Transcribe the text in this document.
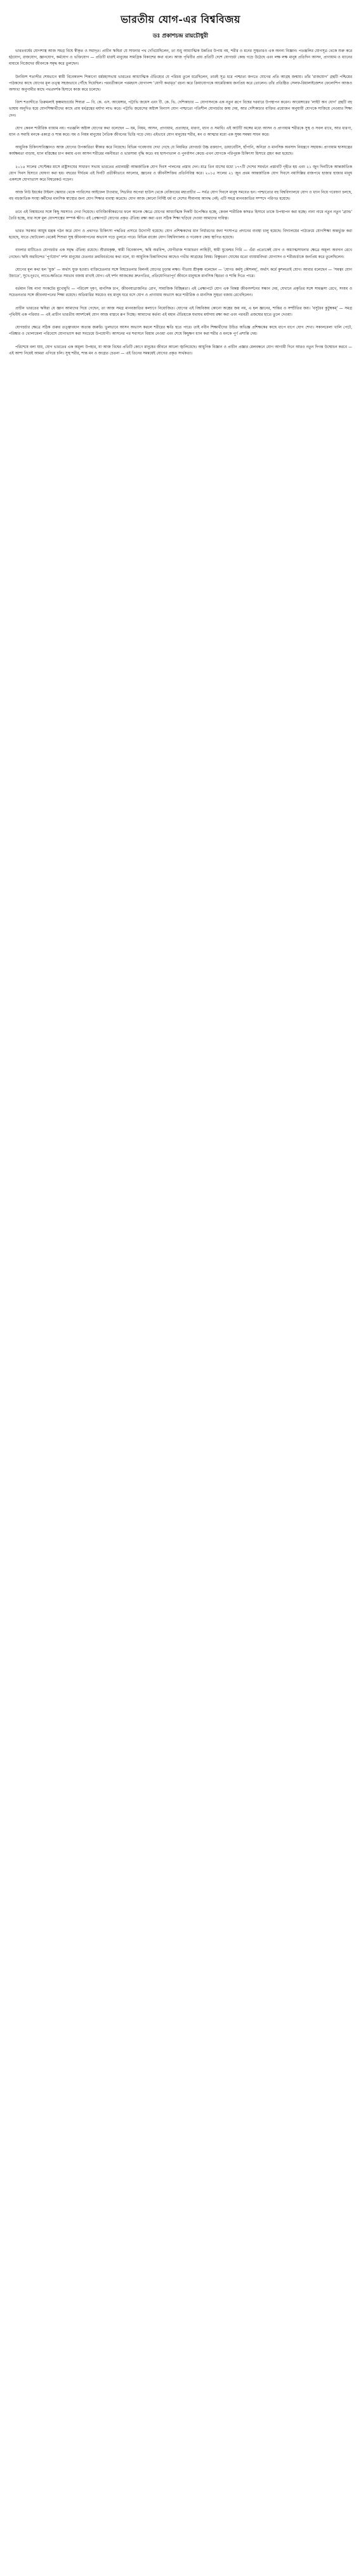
ভারতীয় যোগ-এর বিশ্ববিজয়
ডঃ প্রকাশচন্দ্র রায়চৌধুরী

ভারতবর্ষের যোগশাস্ত্র আজ সমগ্র বিশ্বে স্বীকৃত ও সমাদৃত। প্রাচীন ঋষিরা যে সাধনার পথ দেখিয়েছিলেন, তা শুধু আধ্যাত্মিক উন্নতির উপায় নয়, শরীর ও মনের সুস্থতারও এক অনন্য বিজ্ঞান। পতঞ্জলির যোগসূত্র থেকে শুরু করে হঠযোগ, রাজযোগ, জ্ঞানযোগ, কর্মযোগ ও ভক্তিযোগ — প্রতিটি ধারাই মানুষের সামগ্রিক বিকাশের কথা বলে। আজ পৃথিবীর প্রায় প্রতিটি দেশে যোগচর্চা কেন্দ্র গড়ে উঠেছে এবং লক্ষ লক্ষ মানুষ প্রতিদিন আসন, প্রাণায়াম ও ধ্যানের মাধ্যমে নিজেদের জীবনকে সমৃদ্ধ করে তুলছেন।

উনবিংশ শতাব্দীর শেষভাগে স্বামী বিবেকানন্দ শিকাগো ধর্মমহাসভায় ভারতের আধ্যাত্মিক ঐতিহ্যের যে পরিচয় তুলে ধরেছিলেন, তারই সূত্র ধরে পাশ্চাত্য জগতে যোগের প্রতি আগ্রহ জন্মায়। তাঁর 'রাজযোগ' গ্রন্থটি পশ্চিমের পাঠকদের কাছে যোগের মূল তত্ত্ব সহজভাবে পৌঁছে দিয়েছিল। পরবর্তীকালে পরমহংস যোগানন্দ 'যোগী কথামৃত' রচনা করে ক্রিয়াযোগকে আমেরিকায় জনপ্রিয় করে তোলেন। তাঁর প্রতিষ্ঠিত সেলফ-রিয়ালাইজেশন ফেলোশিপ আজও অসংখ্য অনুগামীর কাছে পথপ্রদর্শক হিসাবে কাজ করে চলেছে।

বিংশ শতাব্দীতে তিরুমলাই কৃষ্ণমাচার্যের শিষ্যরা — বি. কে. এস. আয়েঙ্গার, পট্টাভি জয়েস এবং টি. কে. ভি. দেশিকাচার — যোগাসনকে এক নতুন রূপে বিশ্বের দরবারে উপস্থাপন করেন। আয়েঙ্গারের 'লাইট অন যোগ' গ্রন্থটি বহু ভাষায় অনূদিত হয়ে যোগশিক্ষার্থীদের কাছে প্রায় ধর্মগ্রন্থের মর্যাদা লাভ করে। পট্টাভি জয়েসের অষ্টাঙ্গ বিন্যাস যোগ পাশ্চাত্যে গতিশীল যোগচর্চার জন্ম দেয়, আর দেশিকাচার ব্যক্তির প্রয়োজন অনুযায়ী যোগকে সাজিয়ে নেওয়ার শিক্ষা দেন।

যোগ কেবল শারীরিক ব্যায়াম নয়। পতঞ্জলি অষ্টাঙ্গ যোগের কথা বলেছেন — যম, নিয়ম, আসন, প্রাণায়াম, প্রত্যাহার, ধারণা, ধ্যান ও সমাধি। এই আটটি অঙ্গের মধ্যে আসন ও প্রাণায়াম শরীরকে সুস্থ ও সবল রাখে, আর ধারণা, ধ্যান ও সমাধি মনকে একাগ্র ও শান্ত করে। যম ও নিয়ম মানুষের নৈতিক জীবনের ভিত্তি গড়ে দেয়। এইভাবে যোগ মানুষের শরীর, মন ও আত্মার মধ্যে এক সুষম সমন্বয় সাধন করে।

আধুনিক চিকিৎসাবিজ্ঞানও আজ যোগের উপকারিতা স্বীকার করে নিয়েছে। বিভিন্ন গবেষণায় দেখা গেছে যে নিয়মিত যোগচর্চা উচ্চ রক্তচাপ, ডায়াবেটিস, হাঁপানি, অনিদ্রা ও মানসিক অবসাদ নিয়ন্ত্রণে সহায়ক। প্রাণায়াম শ্বাসযন্ত্রের কার্যক্ষমতা বাড়ায়, ধ্যান মস্তিষ্কের চাপ কমায় এবং আসন শরীরের নমনীয়তা ও ভারসাম্য বৃদ্ধি করে। বহু হাসপাতাল ও পুনর্বাসন কেন্দ্রে এখন যোগকে পরিপূরক চিকিৎসা হিসাবে গ্রহণ করা হয়েছে।

২০১৪ সালের সেপ্টেম্বর মাসে রাষ্ট্রসংঘের সাধারণ সভায় ভারতের প্রধানমন্ত্রী আন্তর্জাতিক যোগ দিবস পালনের প্রস্তাব দেন। মাত্র তিন মাসের মধ্যে ১৭৭টি দেশের সমর্থনে প্রস্তাবটি গৃহীত হয় এবং ২১ জুন দিনটিকে আন্তর্জাতিক যোগ দিবস হিসাবে ঘোষণা করা হয়। বছরের দীর্ঘতম এই দিনটি প্রতীকীভাবে আলোর, জ্ঞানের ও জীবনীশক্তির প্রতিনিধিত্ব করে। ২০১৫ সালের ২১ জুন প্রথম আন্তর্জাতিক যোগ দিবসে নয়াদিল্লির রাজপথে হাজার হাজার মানুষ একসঙ্গে যোগাভ্যাস করে বিশ্বরেকর্ড গড়েন।

আজ নিউ ইয়র্কের টাইমস স্কোয়ার থেকে প্যারিসের আইফেল টাওয়ার, সিডনির অপেরা হাউস থেকে বেজিংয়ের মহাপ্রাচীর — সর্বত্র যোগ দিবসে মানুষ সমবেত হন। পাশ্চাত্যের বহু বিশ্ববিদ্যালয়ে যোগ ও ধ্যান নিয়ে গবেষণা চলছে, বহু বহুজাতিক সংস্থা কর্মীদের মানসিক স্বাস্থ্যের জন্য যোগ শিক্ষার ব্যবস্থা করেছে। যোগ আজ কোনো নির্দিষ্ট ধর্ম বা দেশের সীমানায় আবদ্ধ নেই; এটি সমগ্র মানবজাতির সম্পদে পরিণত হয়েছে।

তবে এই বিশ্বায়নের সঙ্গে কিছু সমস্যাও দেখা দিয়েছে। বাণিজ্যিকীকরণের ফলে অনেক ক্ষেত্রে যোগের আধ্যাত্মিক দিকটি উপেক্ষিত হচ্ছে, কেবল শারীরিক কসরত হিসাবে তাকে উপস্থাপন করা হচ্ছে। নানা নামে নতুন নতুন 'ব্র্যান্ড' তৈরি হচ্ছে, যার সঙ্গে মূল যোগশাস্ত্রের সম্পর্ক ক্ষীণ। এই প্রেক্ষাপটে যোগের প্রকৃত ঐতিহ্য রক্ষা করা এবং সঠিক শিক্ষা ছড়িয়ে দেওয়া আমাদের দায়িত্ব।

ভারত সরকার আয়ুষ মন্ত্রক গঠন করে যোগ ও প্রথাগত চিকিৎসা পদ্ধতির প্রসারে উদ্যোগী হয়েছে। যোগ প্রশিক্ষকদের মান নির্ধারণের জন্য শংসাপত্র প্রদানের ব্যবস্থা চালু হয়েছে। বিদ্যালয়ের পাঠ্যক্রমে যোগশিক্ষা অন্তর্ভুক্ত করা হয়েছে, যাতে ছোটবেলা থেকেই শিশুরা সুস্থ জীবনযাপনের অভ্যাস গড়ে তুলতে পারে। বিভিন্ন রাজ্যে যোগ বিশ্ববিদ্যালয় ও গবেষণা কেন্দ্র স্থাপিত হয়েছে।

বাংলার মাটিতেও যোগচর্চার এক সমৃদ্ধ ঐতিহ্য রয়েছে। শ্রীরামকৃষ্ণ, স্বামী বিবেকানন্দ, ঋষি অরবিন্দ, যোগীরাজ শ্যামাচরণ লাহিড়ী, স্বামী যুক্তেশ্বর গিরি — এঁরা প্রত্যেকেই যোগ ও অধ্যাত্মসাধনার ক্ষেত্রে অমূল্য অবদান রেখে গেছেন। ঋষি অরবিন্দের 'পূর্ণযোগ' দর্শন মানুষের চেতনার ক্রমবিবর্তনের কথা বলে, যা আধুনিক চিন্তাবিদদের কাছেও গভীর আগ্রহের বিষয়। বিষ্ণুচরণ ঘোষের মতো ব্যায়ামবিদরা যোগাসন ও শরীরচর্চাকে জনপ্রিয় করে তুলেছিলেন।

যোগের মূল কথা হল 'যুজ' — অর্থাৎ যুক্ত হওয়া। ব্যক্তিচেতনার সঙ্গে বিশ্বচেতনার মিলনই যোগের চূড়ান্ত লক্ষ্য। গীতায় শ্রীকৃষ্ণ বলেছেন — 'যোগঃ কর্মসু কৌশলম্', অর্থাৎ কর্মে কুশলতাই যোগ। আবার বলেছেন — 'সমত্বং যোগ উচ্যতে', সুখে-দুঃখে, লাভে-ক্ষতিতে সমভাব বজায় রাখাই যোগ। এই দর্শন আজকের দ্রুতগতির, প্রতিযোগিতাপূর্ণ জীবনে মানুষকে মানসিক স্থিরতা ও শান্তি দিতে পারে।

বর্তমান বিশ্ব নানা সংকটের মুখোমুখি — পরিবেশ দূষণ, মানসিক চাপ, জীবনযাত্রাজনিত রোগ, সামাজিক বিচ্ছিন্নতা। এই প্রেক্ষাপটে যোগ এক বিকল্প জীবনদর্শনের সন্ধান দেয়, যেখানে প্রকৃতির সঙ্গে সামঞ্জস্য রেখে, সংযম ও সচেতনতার সঙ্গে জীবনযাপনের শিক্ষা রয়েছে। অতিমারির সময়েও বহু মানুষ ঘরে বসে যোগ ও প্রাণায়াম অভ্যাস করে শারীরিক ও মানসিক সুস্থতা বজায় রেখেছিলেন।

প্রাচীন ভারতের ঋষিরা যে জ্ঞান আমাদের দিয়ে গেছেন, তা আজ সমগ্র মানবজাতির কল্যাণে নিয়োজিত। যোগের এই বিশ্ববিজয় কোনো অস্ত্রের জয় নয়, এ হল জ্ঞানের, শান্তির ও সম্প্রীতির জয়। 'বসুধৈব কুটুম্বকম্' — সমগ্র পৃথিবীই এক পরিবার — এই প্রাচীন ভারতীয় আদর্শকেই যোগ আজ বাস্তবে রূপ দিচ্ছে। আমাদের কর্তব্য এই মহান ঐতিহ্যকে যথাযথ মর্যাদায় রক্ষা করা এবং পরবর্তী প্রজন্মের হাতে তুলে দেওয়া।

যোগচর্চার ক্ষেত্রে সঠিক গুরুর তত্ত্বাবধান অত্যন্ত জরুরি। ভুলভাবে আসন অভ্যাস করলে শরীরের ক্ষতি হতে পারে। তাই নবীন শিক্ষার্থীদের উচিত অভিজ্ঞ প্রশিক্ষকের কাছে ধাপে ধাপে যোগ শেখা। সকালবেলা খালি পেটে, পরিষ্কার ও খোলামেলা পরিবেশে যোগাভ্যাস করা সবচেয়ে উপযোগী। আসনের পর শবাসনে বিশ্রাম নেওয়া এবং শেষে কিছুক্ষণ ধ্যান করা শরীর ও মনকে পূর্ণ প্রশান্তি দেয়।

পরিশেষে বলা যায়, যোগ ভারতের এক অমূল্য উপহার, যা আজ বিশ্বের প্রতিটি কোণে মানুষের জীবনে আলো জ্বালিয়েছে। আধুনিক বিজ্ঞান ও প্রাচীন প্রজ্ঞার মেলবন্ধনে যোগ আগামী দিনে আরও নতুন দিগন্ত উন্মোচন করবে — এই আশা নিয়েই আমরা এগিয়ে চলি। সুস্থ শরীর, শান্ত মন ও জাগ্রত চেতনা — এই তিনের সমন্বয়েই যোগের প্রকৃত সার্থকতা।
